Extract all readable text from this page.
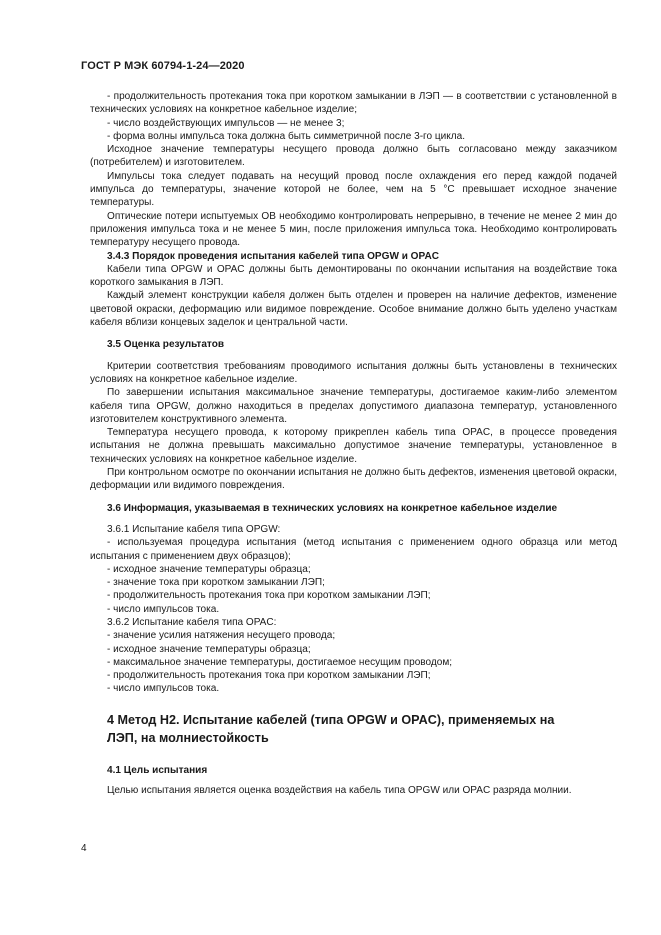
ГОСТ Р МЭК 60794-1-24—2020

- продолжительность протекания тока при коротком замыкании в ЛЭП — в соответствии с установленной в технических условиях на конкретное кабельное изделие;

- число воздействующих импульсов — не менее 3;

- форма волны импульса тока должна быть симметричной после 3-го цикла.

Исходное значение температуры несущего провода должно быть согласовано между заказчиком (потребителем) и изготовителем.

Импульсы тока следует подавать на несущий провод после охлаждения его перед каждой подачей импульса до температуры, значение которой не более, чем на 5 °С превышает исходное значение температуры.

Оптические потери испытуемых ОВ необходимо контролировать непрерывно, в течение не менее 2 мин до приложения импульса тока и не менее 5 мин, после приложения импульса тока. Необходимо контролировать температуру несущего провода.

3.4.3 Порядок проведения испытания кабелей типа OPGW и OPAC

Кабели типа OPGW и OPAC должны быть демонтированы по окончании испытания на воздействие тока короткого замыкания в ЛЭП.

Каждый элемент конструкции кабеля должен быть отделен и проверен на наличие дефектов, изменение цветовой окраски, деформацию или видимое повреждение. Особое внимание должно быть уделено участкам кабеля вблизи концевых заделок и центральной части.

3.5 Оценка результатов

Критерии соответствия требованиям проводимого испытания должны быть установлены в технических условиях на конкретное кабельное изделие.

По завершении испытания максимальное значение температуры, достигаемое каким-либо элементом кабеля типа OPGW, должно находиться в пределах допустимого диапазона температур, установленного изготовителем конструктивного элемента.

Температура несущего провода, к которому прикреплен кабель типа OPAC, в процессе проведения испытания не должна превышать максимально допустимое значение температуры, установленное в технических условиях на конкретное кабельное изделие.

При контрольном осмотре по окончании испытания не должно быть дефектов, изменения цветовой окраски, деформации или видимого повреждения.

3.6 Информация, указываемая в технических условиях на конкретное кабельное изделие

3.6.1 Испытание кабеля типа OPGW:

- используемая процедура испытания (метод испытания с применением одного образца или метод испытания с применением двух образцов);

- исходное значение температуры образца;

- значение тока при коротком замыкании ЛЭП;

- продолжительность протекания тока при коротком замыкании ЛЭП;

- число импульсов тока.

3.6.2 Испытание кабеля типа OPAC:

- значение усилия натяжения несущего провода;

- исходное значение температуры образца;

- максимальное значение температуры, достигаемое несущим проводом;

- продолжительность протекания тока при коротком замыкании ЛЭП;

- число импульсов тока.

4 Метод H2. Испытание кабелей (типа OPGW и OPAC), применяемых на

ЛЭП, на молниестойкость

4.1 Цель испытания

Целью испытания является оценка воздействия на кабель типа OPGW или OPAC разряда молнии.

4
